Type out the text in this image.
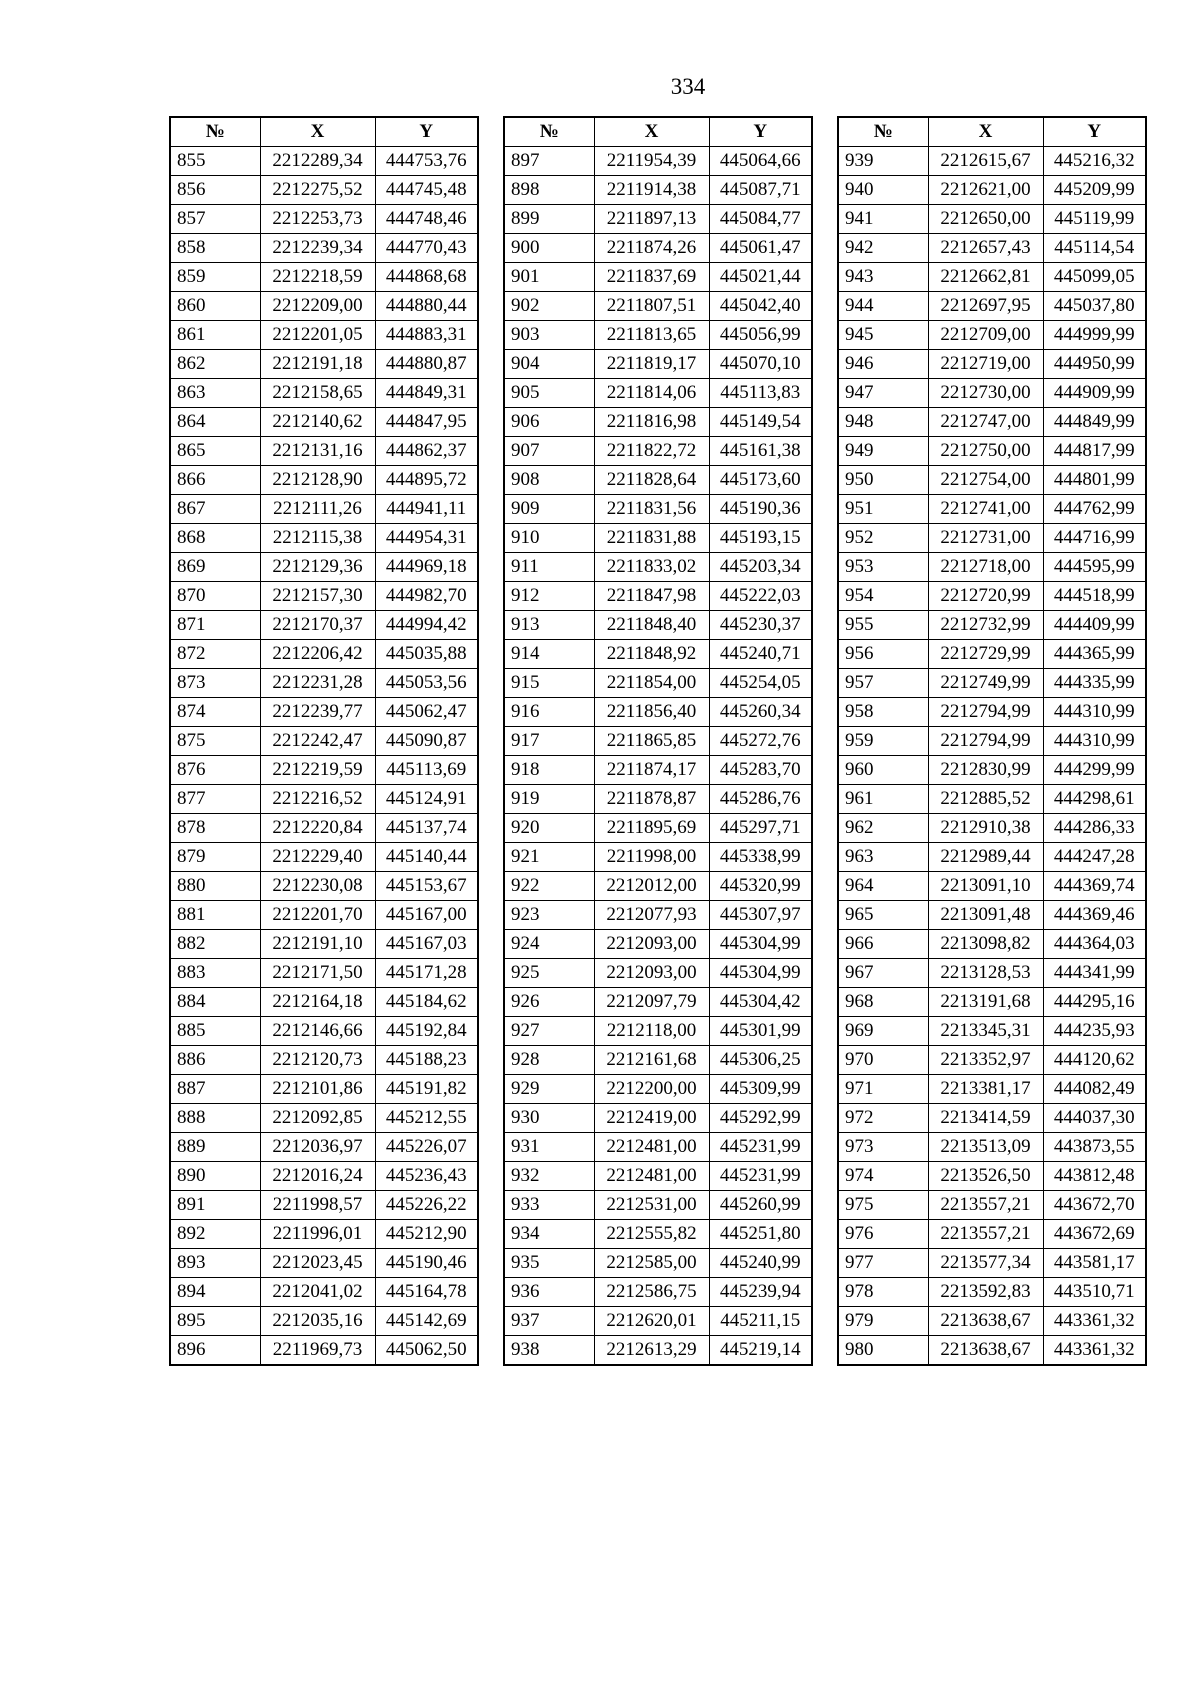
334
№	X	Y
855	2212289,34	444753,76
856	2212275,52	444745,48
857	2212253,73	444748,46
858	2212239,34	444770,43
859	2212218,59	444868,68
860	2212209,00	444880,44
861	2212201,05	444883,31
862	2212191,18	444880,87
863	2212158,65	444849,31
864	2212140,62	444847,95
865	2212131,16	444862,37
866	2212128,90	444895,72
867	2212111,26	444941,11
868	2212115,38	444954,31
869	2212129,36	444969,18
870	2212157,30	444982,70
871	2212170,37	444994,42
872	2212206,42	445035,88
873	2212231,28	445053,56
874	2212239,77	445062,47
875	2212242,47	445090,87
876	2212219,59	445113,69
877	2212216,52	445124,91
878	2212220,84	445137,74
879	2212229,40	445140,44
880	2212230,08	445153,67
881	2212201,70	445167,00
882	2212191,10	445167,03
883	2212171,50	445171,28
884	2212164,18	445184,62
885	2212146,66	445192,84
886	2212120,73	445188,23
887	2212101,86	445191,82
888	2212092,85	445212,55
889	2212036,97	445226,07
890	2212016,24	445236,43
891	2211998,57	445226,22
892	2211996,01	445212,90
893	2212023,45	445190,46
894	2212041,02	445164,78
895	2212035,16	445142,69
896	2211969,73	445062,50
№	X	Y
897	2211954,39	445064,66
898	2211914,38	445087,71
899	2211897,13	445084,77
900	2211874,26	445061,47
901	2211837,69	445021,44
902	2211807,51	445042,40
903	2211813,65	445056,99
904	2211819,17	445070,10
905	2211814,06	445113,83
906	2211816,98	445149,54
907	2211822,72	445161,38
908	2211828,64	445173,60
909	2211831,56	445190,36
910	2211831,88	445193,15
911	2211833,02	445203,34
912	2211847,98	445222,03
913	2211848,40	445230,37
914	2211848,92	445240,71
915	2211854,00	445254,05
916	2211856,40	445260,34
917	2211865,85	445272,76
918	2211874,17	445283,70
919	2211878,87	445286,76
920	2211895,69	445297,71
921	2211998,00	445338,99
922	2212012,00	445320,99
923	2212077,93	445307,97
924	2212093,00	445304,99
925	2212093,00	445304,99
926	2212097,79	445304,42
927	2212118,00	445301,99
928	2212161,68	445306,25
929	2212200,00	445309,99
930	2212419,00	445292,99
931	2212481,00	445231,99
932	2212481,00	445231,99
933	2212531,00	445260,99
934	2212555,82	445251,80
935	2212585,00	445240,99
936	2212586,75	445239,94
937	2212620,01	445211,15
938	2212613,29	445219,14
№	X	Y
939	2212615,67	445216,32
940	2212621,00	445209,99
941	2212650,00	445119,99
942	2212657,43	445114,54
943	2212662,81	445099,05
944	2212697,95	445037,80
945	2212709,00	444999,99
946	2212719,00	444950,99
947	2212730,00	444909,99
948	2212747,00	444849,99
949	2212750,00	444817,99
950	2212754,00	444801,99
951	2212741,00	444762,99
952	2212731,00	444716,99
953	2212718,00	444595,99
954	2212720,99	444518,99
955	2212732,99	444409,99
956	2212729,99	444365,99
957	2212749,99	444335,99
958	2212794,99	444310,99
959	2212794,99	444310,99
960	2212830,99	444299,99
961	2212885,52	444298,61
962	2212910,38	444286,33
963	2212989,44	444247,28
964	2213091,10	444369,74
965	2213091,48	444369,46
966	2213098,82	444364,03
967	2213128,53	444341,99
968	2213191,68	444295,16
969	2213345,31	444235,93
970	2213352,97	444120,62
971	2213381,17	444082,49
972	2213414,59	444037,30
973	2213513,09	443873,55
974	2213526,50	443812,48
975	2213557,21	443672,70
976	2213557,21	443672,69
977	2213577,34	443581,17
978	2213592,83	443510,71
979	2213638,67	443361,32
980	2213638,67	443361,32
